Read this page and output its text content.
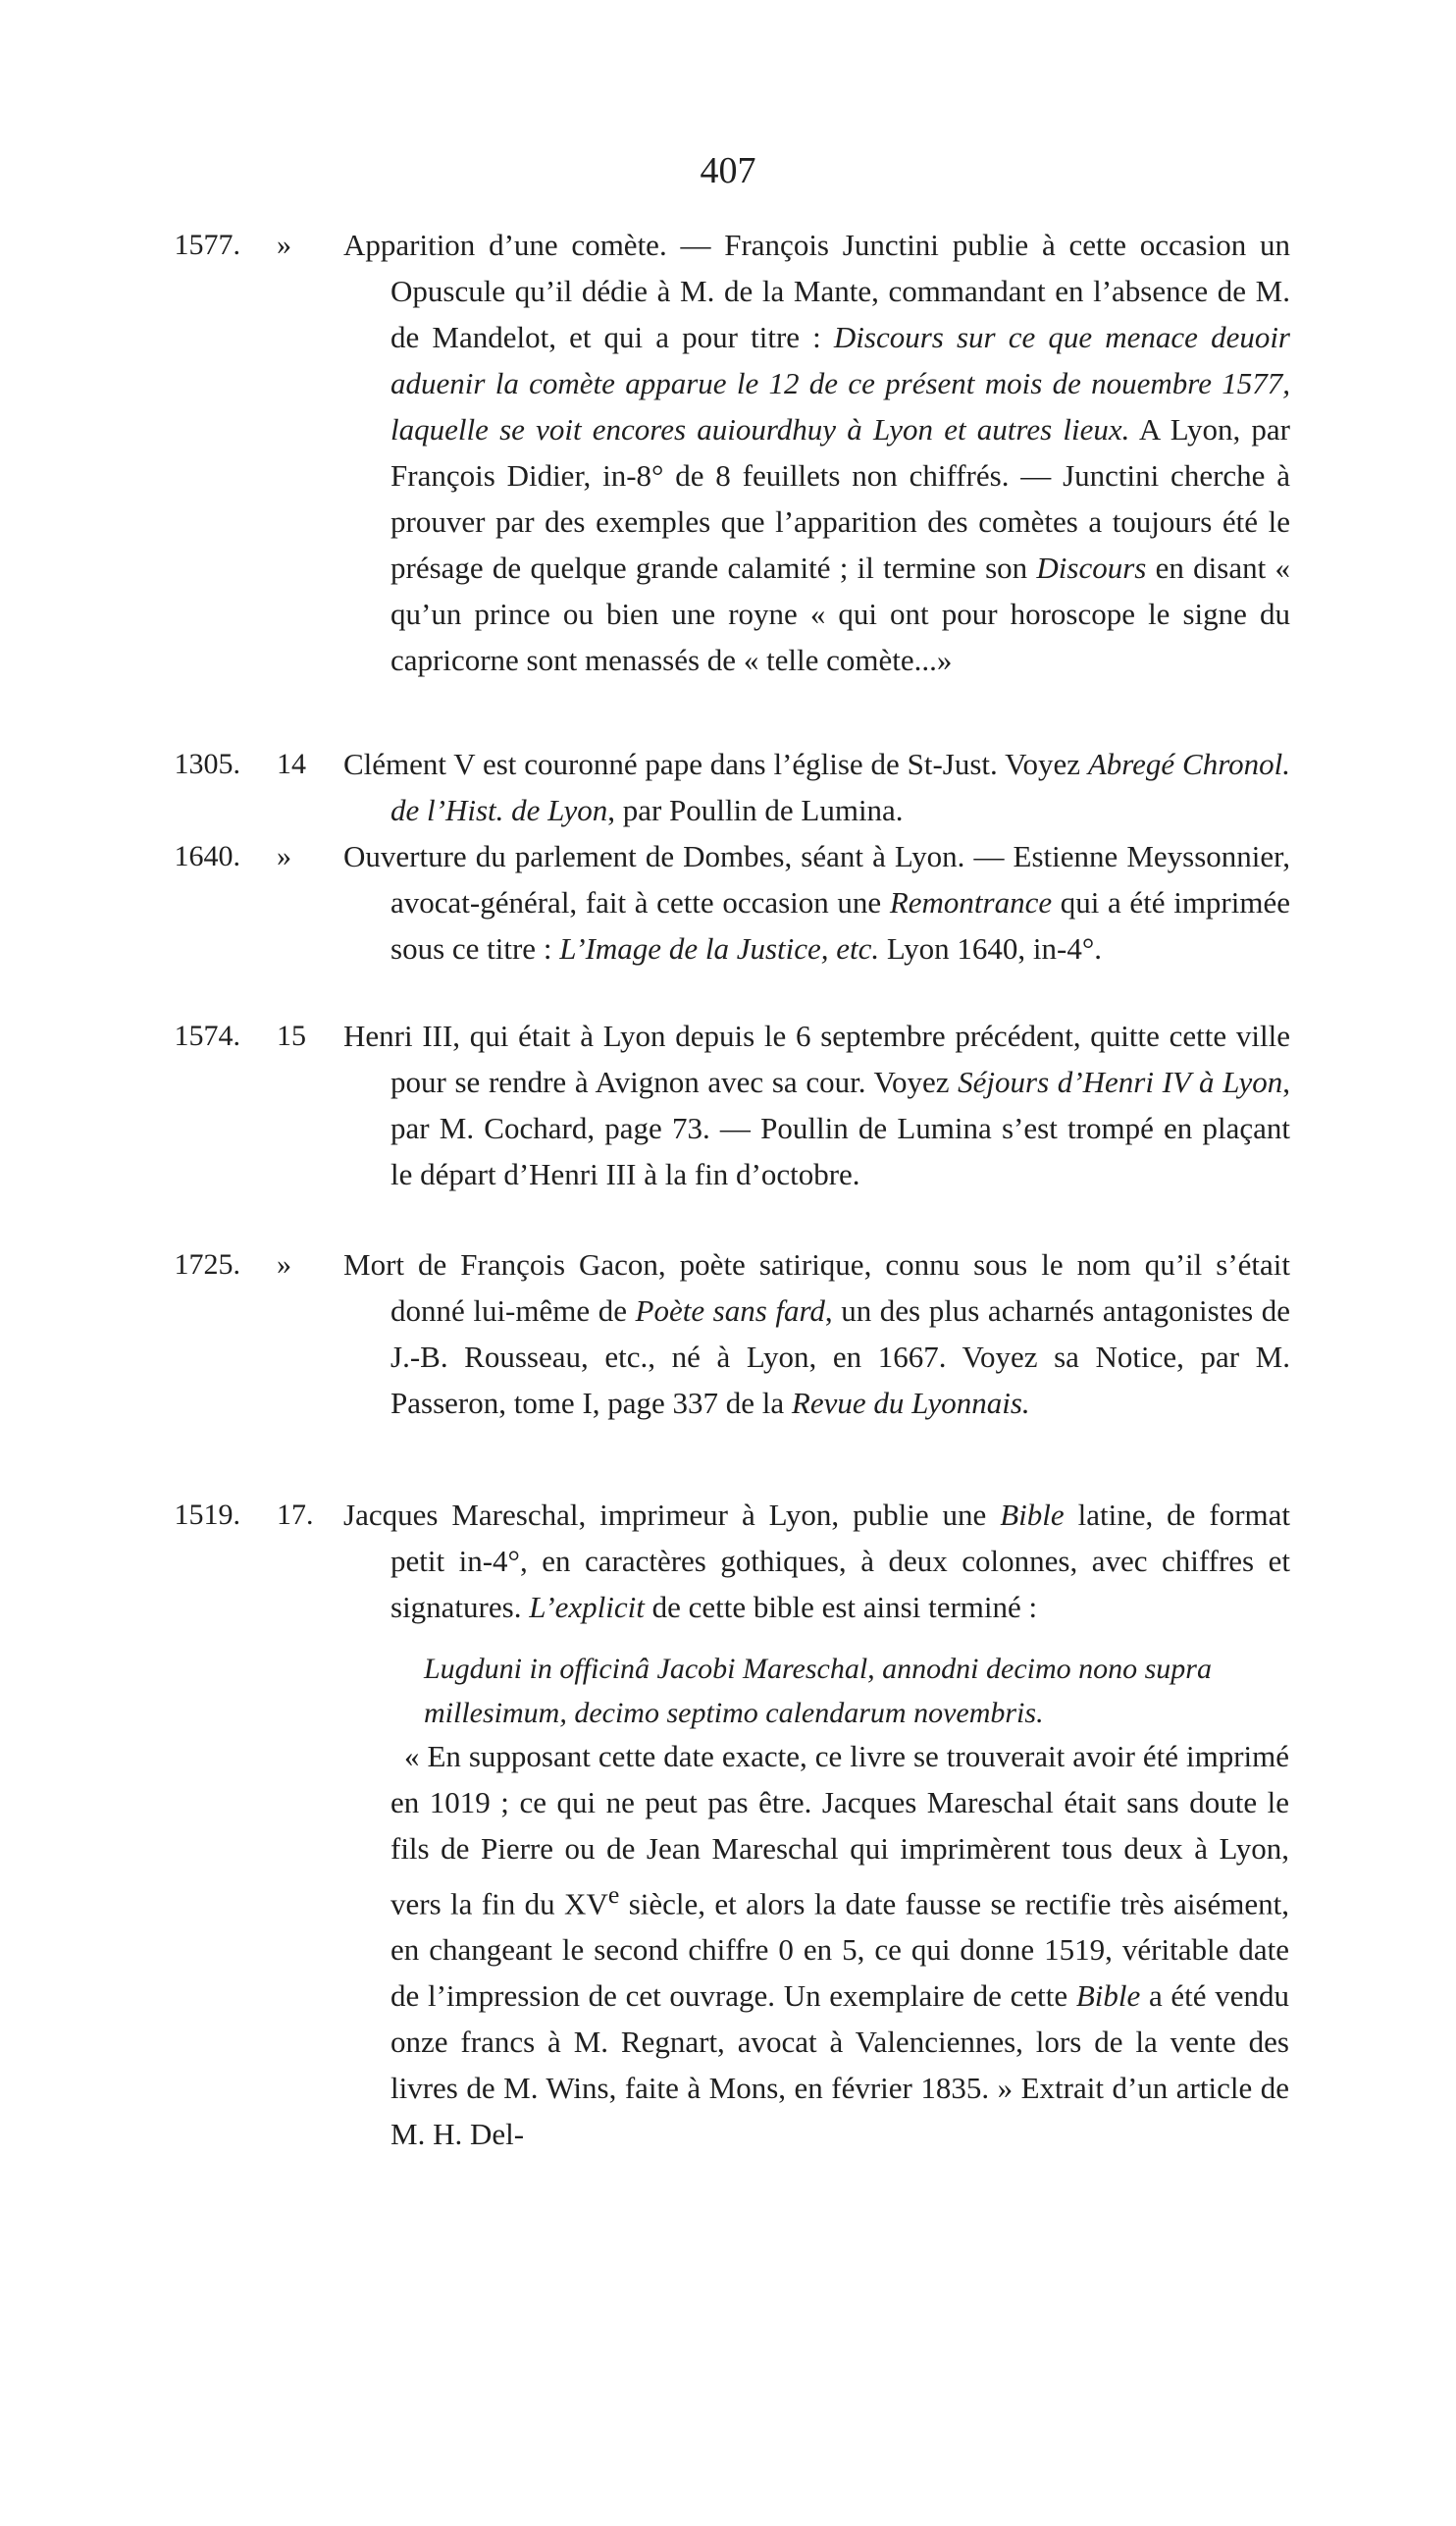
407
1577. »	Apparition d’une comète. — François Junctini publie à cette occasion un Opuscule qu’il dédie à M. de la Mante, commandant en l’absence de M. de Mandelot, et qui a pour titre : Discours sur ce que menace deuoir aduenir la comète apparue le 12 de ce présent mois de nouembre 1577, laquelle se voit encores auiourdhuy à Lyon et autres lieux. A Lyon, par François Didier, in-8° de 8 feuillets non chiffrés. — Junctini cherche à prouver par des exemples que l’apparition des comètes a toujours été le présage de quelque grande calamité ; il termine son Discours en disant « qu’un prince ou bien une royne « qui ont pour horoscope le signe du capricorne sont menassés de « telle comète...»
1305. 14	Clément V est couronné pape dans l’église de St-Just. Voyez Abregé Chronol. de l’Hist. de Lyon, par Poullin de Lumina.
1640. »	Ouverture du parlement de Dombes, séant à Lyon. — Estienne Meyssonnier, avocat-général, fait à cette occasion une Remontrance qui a été imprimée sous ce titre : L’Image de la Justice, etc. Lyon 1640, in-4°.
1574. 15	Henri III, qui était à Lyon depuis le 6 septembre précédent, quitte cette ville pour se rendre à Avignon avec sa cour. Voyez Séjours d’Henri IV à Lyon, par M. Cochard, page 73. — Poullin de Lumina s’est trompé en plaçant le départ d’Henri III à la fin d’octobre.
1725. »	Mort de François Gacon, poète satirique, connu sous le nom qu’il s’était donné lui-même de Poète sans fard, un des plus acharnés antagonistes de J.-B. Rousseau, etc., né à Lyon, en 1667. Voyez sa Notice, par M. Passeron, tome I, page 337 de la Revue du Lyonnais.
1519. 17. Jacques Mareschal, imprimeur à Lyon, publie une Bible latine, de format petit in-4°, en caractères gothiques, à deux colonnes, avec chiffres et signatures. L’explicit de cette bible est ainsi terminé :
Lugduni in officinâ Jacobi Mareschal, annodni decimo nono supra millesimum, decimo septimo calendarum novembris.
« En supposant cette date exacte, ce livre se trouverait avoir été imprimé en 1019 ; ce qui ne peut pas être. Jacques Mareschal était sans doute le fils de Pierre ou de Jean Mareschal qui imprimèrent tous deux à Lyon, vers la fin du XVe siècle, et alors la date fausse se rectifie très aisément, en changeant le second chiffre 0 en 5, ce qui donne 1519, véritable date de l’impression de cet ouvrage. Un exemplaire de cette Bible a été vendu onze francs à M. Regnart, avocat à Valenciennes, lors de la vente des livres de M. Wins, faite à Mons, en février 1835. » Extrait d’un article de M. H. Del-
